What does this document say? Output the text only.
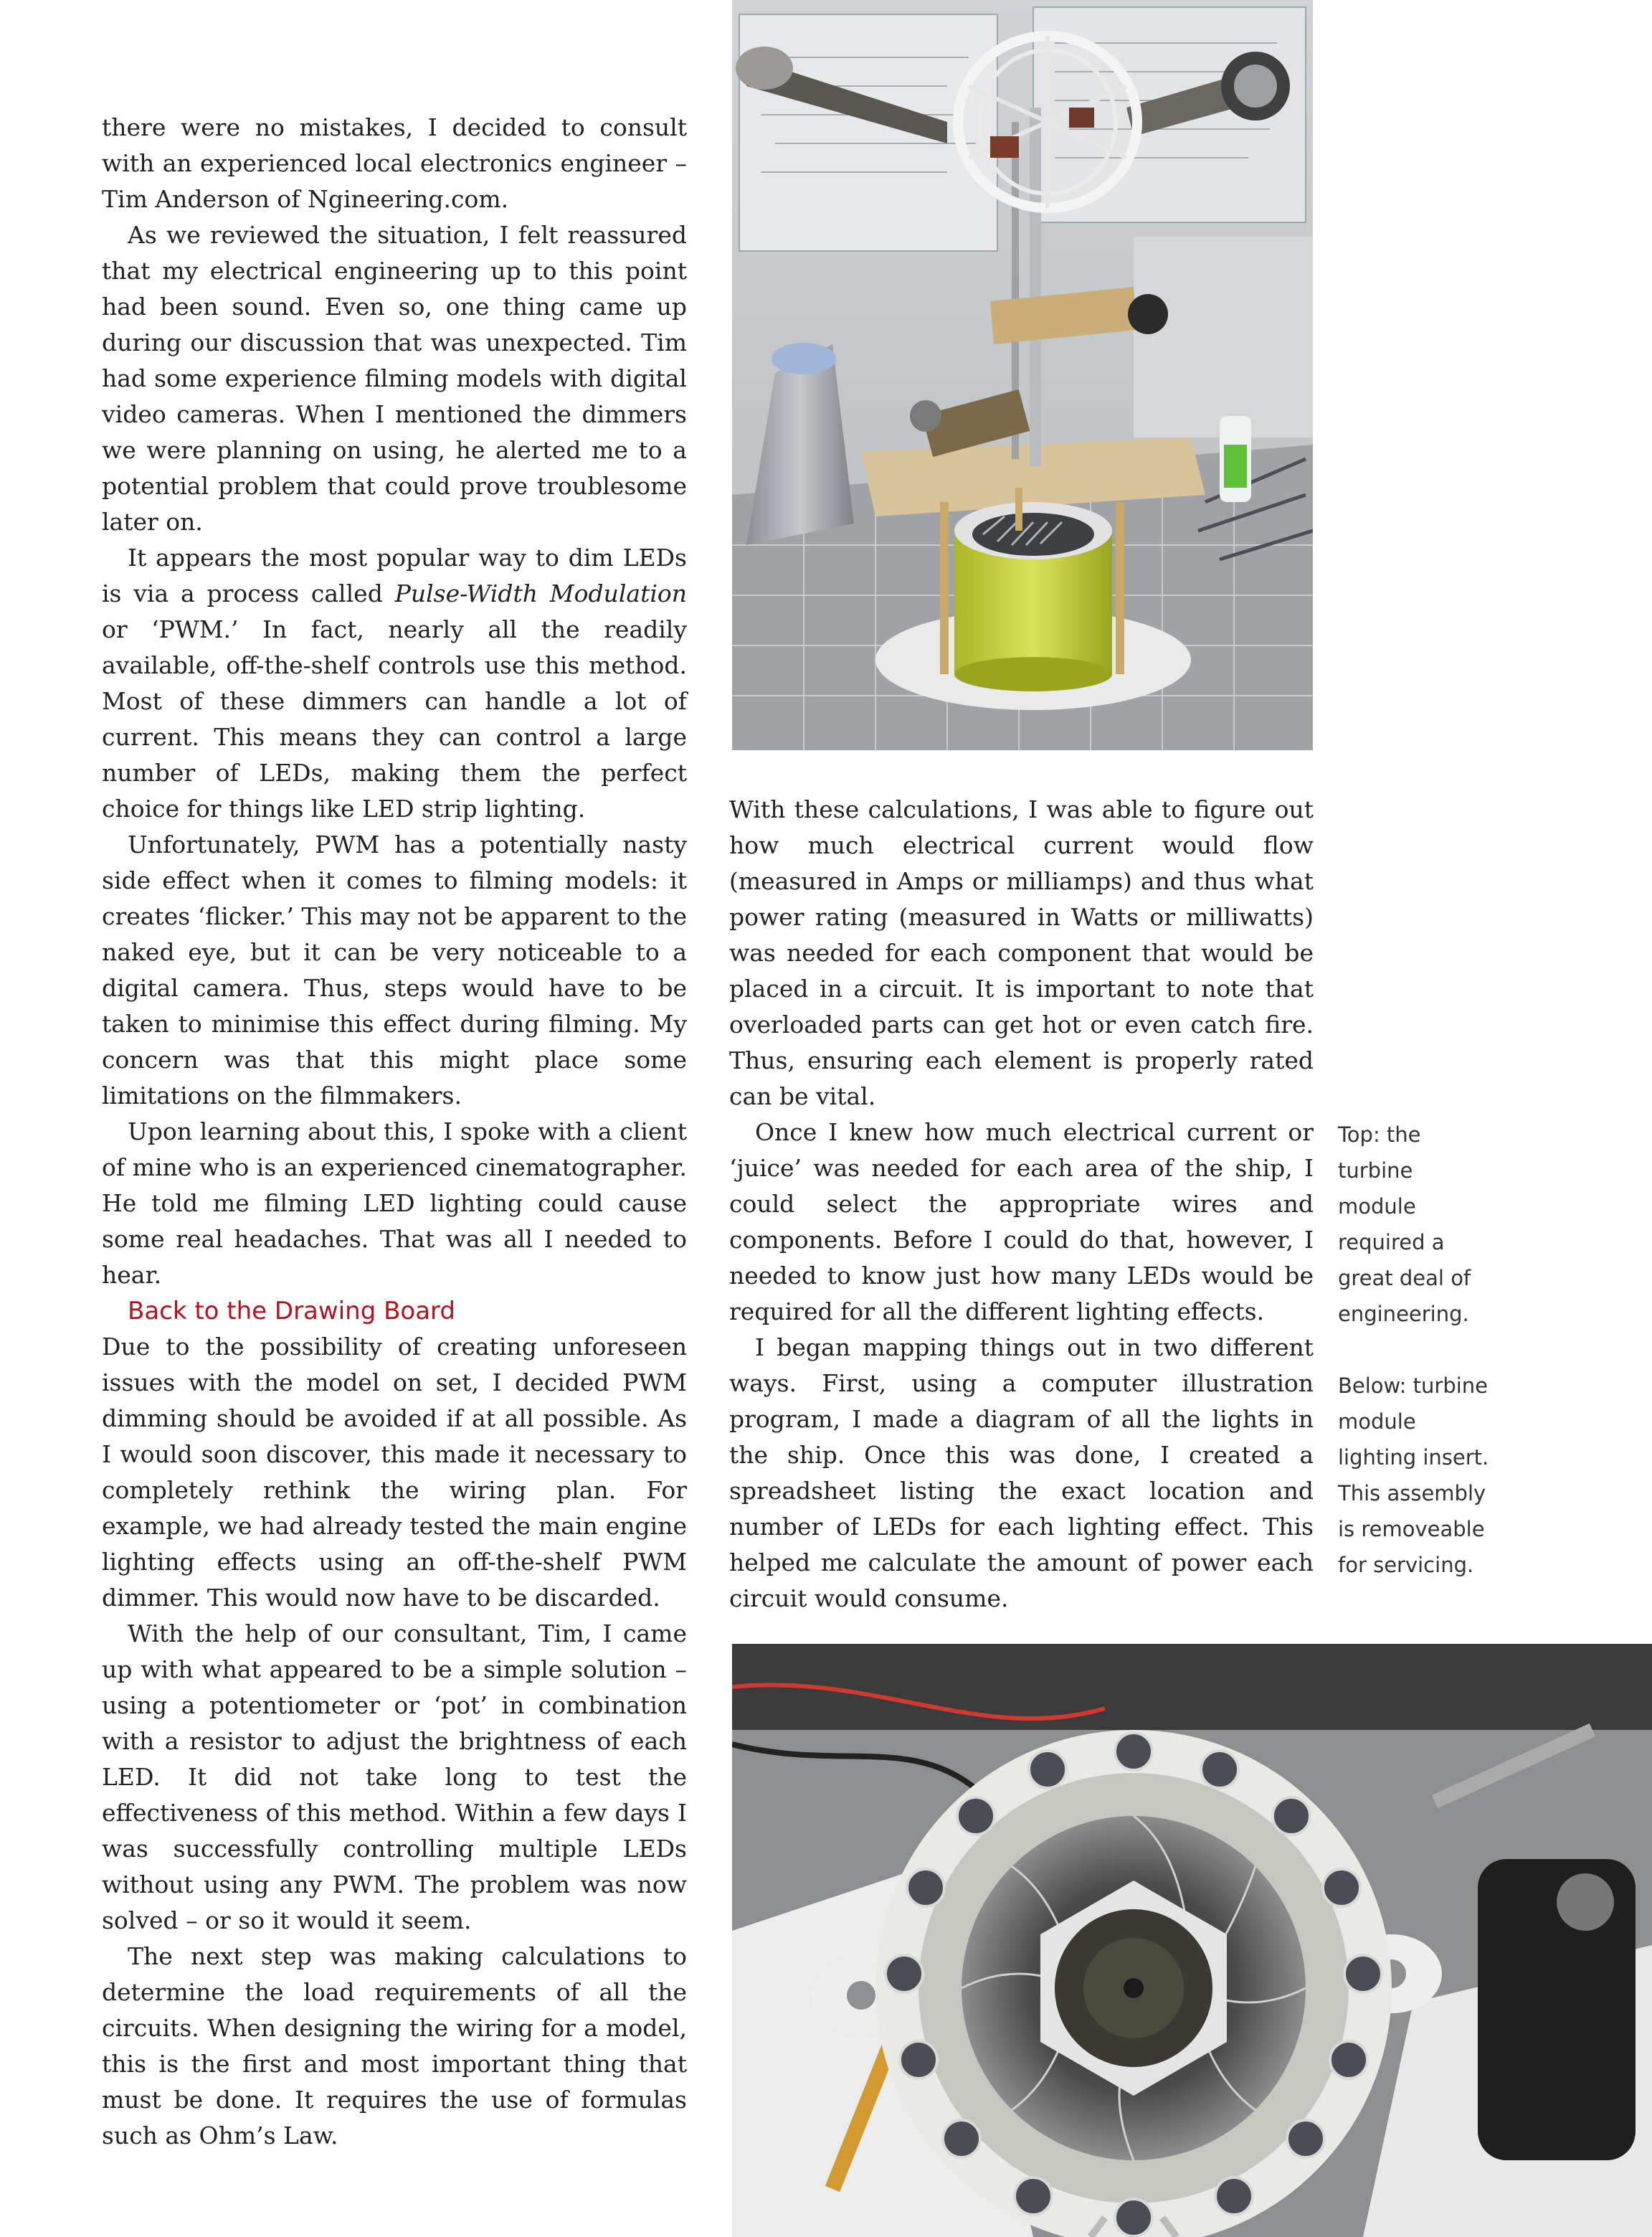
there were no mistakes, I decided to consult with an experienced local electronics engineer – Tim Anderson of Ngineering.com.

As we reviewed the situation, I felt reassured that my electrical engineering up to this point had been sound. Even so, one thing came up during our discussion that was unexpected. Tim had some experience filming models with digital video cameras. When I mentioned the dimmers we were planning on using, he alerted me to a potential problem that could prove troublesome later on.

It appears the most popular way to dim LEDs is via a process called Pulse-Width Modulation or ‘PWM.’ In fact, nearly all the readily available, off-the-shelf controls use this method. Most of these dimmers can handle a lot of current. This means they can control a large number of LEDs, making them the perfect choice for things like LED strip lighting.

Unfortunately, PWM has a potentially nasty side effect when it comes to filming models: it creates ‘flicker.’ This may not be apparent to the naked eye, but it can be very noticeable to a digital camera. Thus, steps would have to be taken to minimise this effect during filming. My concern was that this might place some limitations on the filmmakers.

Upon learning about this, I spoke with a client of mine who is an experienced cinematographer. He told me filming LED lighting could cause some real headaches. That was all I needed to hear.

Back to the Drawing Board

Due to the possibility of creating unforeseen issues with the model on set, I decided PWM dimming should be avoided if at all possible. As I would soon discover, this made it necessary to completely rethink the wiring plan. For example, we had already tested the main engine lighting effects using an off-the-shelf PWM dimmer. This would now have to be discarded.

With the help of our consultant, Tim, I came up with what appeared to be a simple solution – using a potentiometer or ‘pot’ in combination with a resistor to adjust the brightness of each LED. It did not take long to test the effectiveness of this method. Within a few days I was successfully controlling multiple LEDs without using any PWM. The problem was now solved – or so it would it seem.

The next step was making calculations to determine the load requirements of all the circuits. When designing the wiring for a model, this is the first and most important thing that must be done. It requires the use of formulas such as Ohm’s Law.

With these calculations, I was able to figure out how much electrical current would flow (measured in Amps or milliamps) and thus what power rating (measured in Watts or milliwatts) was needed for each component that would be placed in a circuit. It is important to note that overloaded parts can get hot or even catch fire. Thus, ensuring each element is properly rated can be vital.

Once I knew how much electrical current or ‘juice’ was needed for each area of the ship, I could select the appropriate wires and components. Before I could do that, however, I needed to know just how many LEDs would be required for all the different lighting effects.

I began mapping things out in two different ways. First, using a computer illustration program, I made a diagram of all the lights in the ship. Once this was done, I created a spreadsheet listing the exact location and number of LEDs for each lighting effect. This helped me calculate the amount of power each circuit would consume.

Top: the turbine module required a great deal of engineering.

Below: turbine module lighting insert. This assembly is removeable for servicing.
